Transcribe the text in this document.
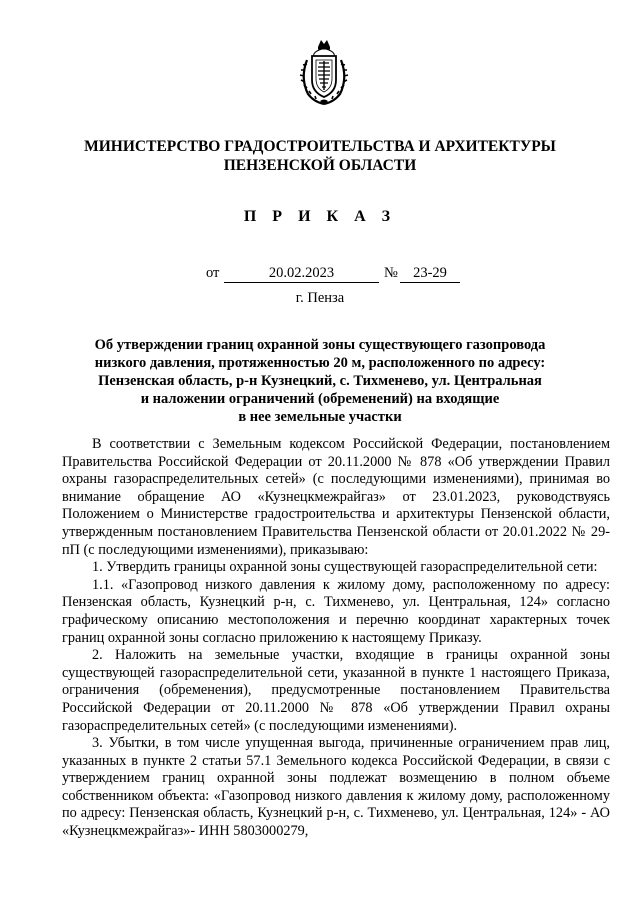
МИНИСТЕРСТВО ГРАДОСТРОИТЕЛЬСТВА И АРХИТЕКТУРЫ
ПЕНЗЕНСКОЙ ОБЛАСТИ
П Р И К А З
от	20.02.2023	№	23-29
г. Пенза
Об утверждении границ охранной зоны существующего газопровода
низкого давления, протяженностью 20 м, расположенного по адресу:
Пензенская область, р-н Кузнецкий, с. Тихменево, ул. Центральная
и наложении ограничений (обременений) на входящие
в нее земельные участки

В соответствии с Земельным кодексом Российской Федерации, постановлением Правительства Российской Федерации от 20.11.2000 № 878 «Об утверждении Правил охраны газораспределительных сетей» (с последующими изменениями), принимая во внимание обращение АО «Кузнецкмежрайгаз» от 23.01.2023, руководствуясь Положением о Министерстве градостроительства и архитектуры Пензенской области, утвержденным постановлением Правительства Пензенской области от 20.01.2022 № 29-пП (с последующими изменениями), приказываю:

1. Утвердить границы охранной зоны существующей газораспределительной сети:

1.1. «Газопровод низкого давления к жилому дому, расположенному по адресу: Пензенская область, Кузнецкий р-н, с. Тихменево, ул. Центральная, 124» согласно графическому описанию местоположения и перечню координат характерных точек границ охранной зоны согласно приложению к настоящему Приказу.

2. Наложить на земельные участки, входящие в границы охранной зоны существующей газораспределительной сети, указанной в пункте 1 настоящего Приказа, ограничения (обременения), предусмотренные постановлением Правительства Российской Федерации от 20.11.2000 № 878 «Об утверждении Правил охраны газораспределительных сетей» (с последующими изменениями).

3. Убытки, в том числе упущенная выгода, причиненные ограничением прав лиц, указанных в пункте 2 статьи 57.1 Земельного кодекса Российской Федерации, в связи с утверждением границ охранной зоны подлежат возмещению в полном объеме собственником объекта: «Газопровод низкого давления к жилому дому, расположенному по адресу: Пензенская область, Кузнецкий р-н, с. Тихменево, ул. Центральная, 124» - АО «Кузнецкмежрайгаз»- ИНН 5803000279,
